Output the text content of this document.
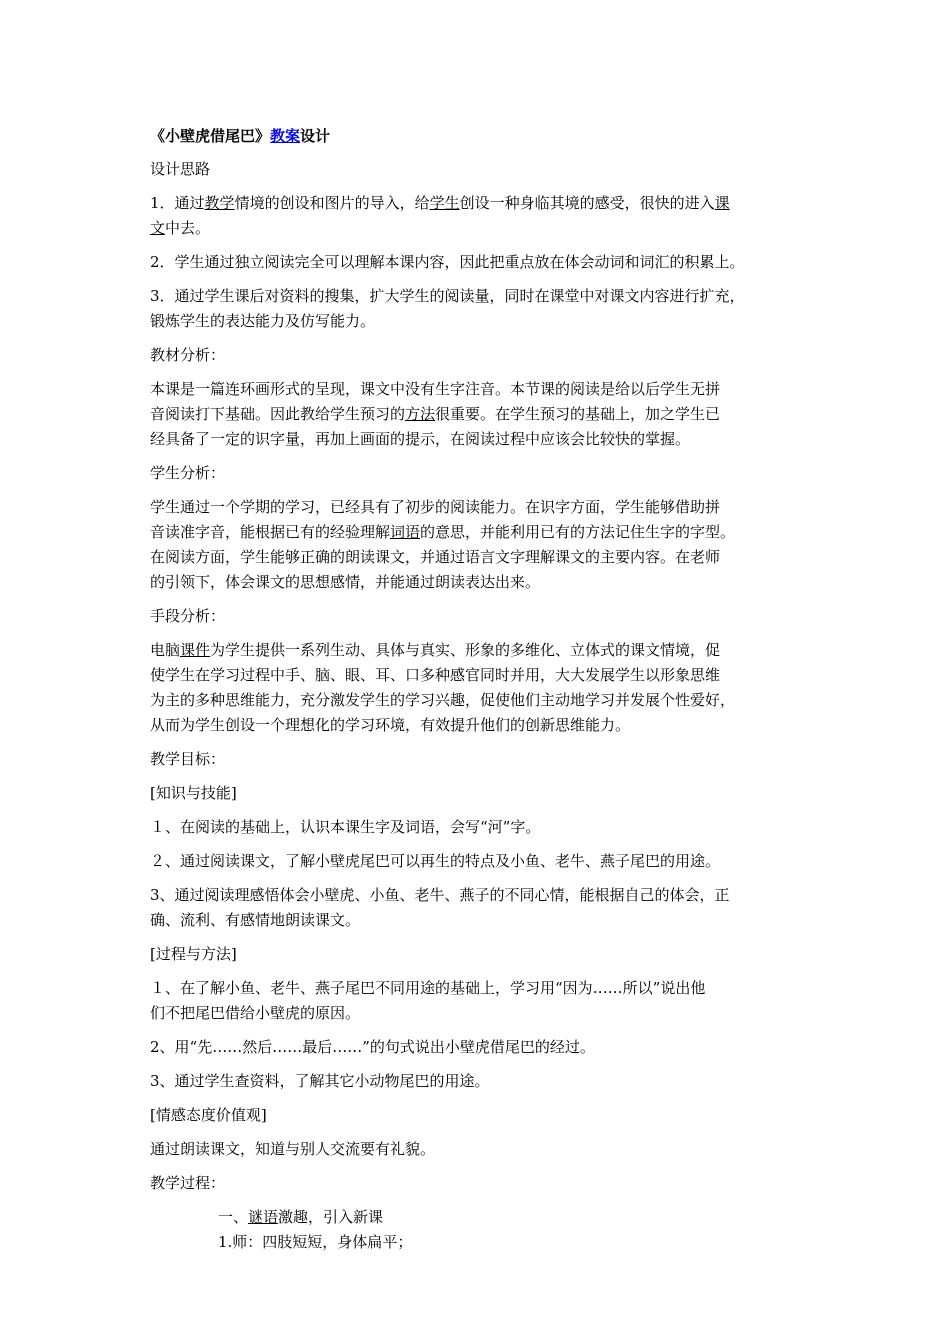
《小壁虎借尾巴》教案设计

设计思路

1．通过教学情境的创设和图片的导入，给学生创设一种身临其境的感受，很快的进入课
文中去。

2．学生通过独立阅读完全可以理解本课内容，因此把重点放在体会动词和词汇的积累上。

3．通过学生课后对资料的搜集，扩大学生的阅读量，同时在课堂中对课文内容进行扩充，
锻炼学生的表达能力及仿写能力。

教材分析：

本课是一篇连环画形式的呈现，课文中没有生字注音。本节课的阅读是给以后学生无拼
音阅读打下基础。因此教给学生预习的方法很重要。在学生预习的基础上，加之学生已
经具备了一定的识字量，再加上画面的提示，在阅读过程中应该会比较快的掌握。

学生分析：

学生通过一个学期的学习，已经具有了初步的阅读能力。在识字方面，学生能够借助拼
音读准字音，能根据已有的经验理解词语的意思，并能利用已有的方法记住生字的字型。
在阅读方面，学生能够正确的朗读课文，并通过语言文字理解课文的主要内容。在老师
的引领下，体会课文的思想感情，并能通过朗读表达出来。

手段分析：

电脑课件为学生提供一系列生动、具体与真实、形象的多维化、立体式的课文情境，促
使学生在学习过程中手、脑、眼、耳、口多种感官同时并用，大大发展学生以形象思维
为主的多种思维能力，充分激发学生的学习兴趣，促使他们主动地学习并发展个性爱好，
从而为学生创设一个理想化的学习环境，有效提升他们的创新思维能力。

教学目标：

[知识与技能]

１、在阅读的基础上，认识本课生字及词语，会写“河”字。

２、通过阅读课文，了解小壁虎尾巴可以再生的特点及小鱼、老牛、燕子尾巴的用途。

3、通过阅读理感悟体会小壁虎、小鱼、老牛、燕子的不同心情，能根据自己的体会，正
确、流利、有感情地朗读课文。

[过程与方法]

１、在了解小鱼、老牛、燕子尾巴不同用途的基础上，学习用“因为……所以”说出他
们不把尾巴借给小壁虎的原因。

2、用“先……然后……最后……”的句式说出小壁虎借尾巴的经过。

3、通过学生查资料，了解其它小动物尾巴的用途。

[情感态度价值观]

通过朗读课文，知道与别人交流要有礼貌。

教学过程：

一、谜语激趣，引入新课

1.师：四肢短短，身体扁平；
